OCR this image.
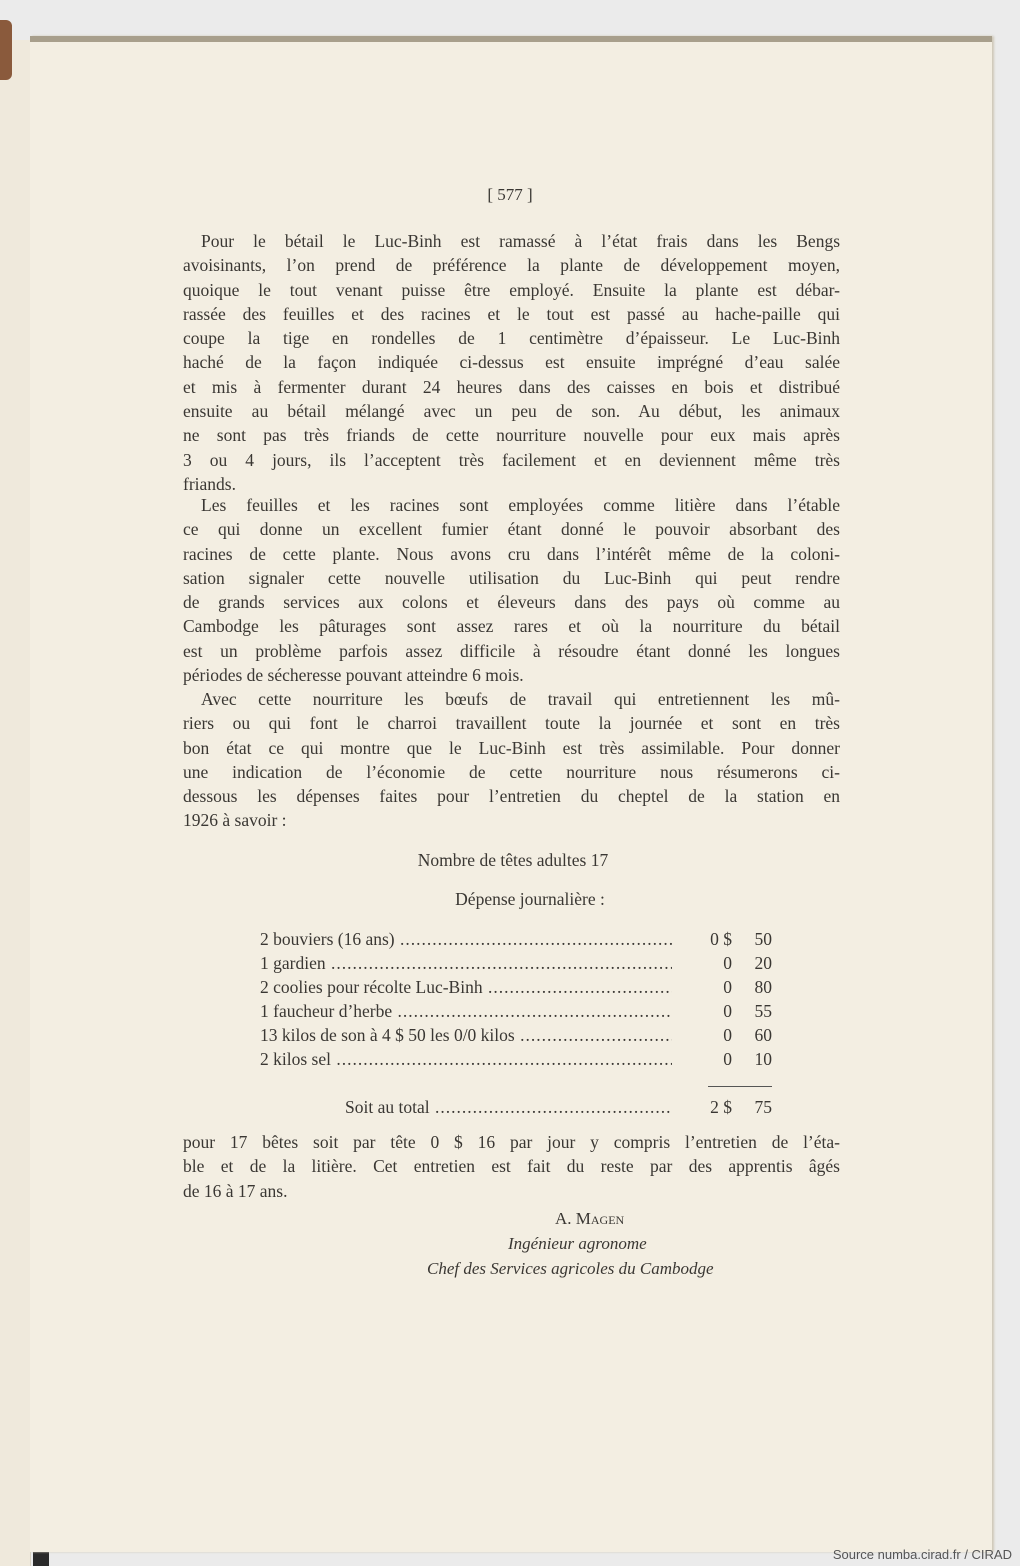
[ 577 ]
Pour le bétail le Luc-Binh est ramassé à l’état frais dans les Bengs
avoisinants, l’on prend de préférence la plante de développement moyen,
quoique le tout venant puisse être employé. Ensuite la plante est débar-
rassée des feuilles et des racines et le tout est passé au hache-paille qui
coupe la tige en rondelles de 1 centimètre d’épaisseur. Le Luc-Binh
haché de la façon indiquée ci-dessus est ensuite imprégné d’eau salée
et mis à fermenter durant 24 heures dans des caisses en bois et distribué
ensuite au bétail mélangé avec un peu de son. Au début, les animaux
ne sont pas très friands de cette nourriture nouvelle pour eux mais après
3 ou 4 jours, ils l’acceptent très facilement et en deviennent même très
friands.
Les feuilles et les racines sont employées comme litière dans l’étable
ce qui donne un excellent fumier étant donné le pouvoir absorbant des
racines de cette plante. Nous avons cru dans l’intérêt même de la coloni-
sation signaler cette nouvelle utilisation du Luc-Binh qui peut rendre
de grands services aux colons et éleveurs dans des pays où comme au
Cambodge les pâturages sont assez rares et où la nourriture du bétail
est un problème parfois assez difficile à résoudre étant donné les longues
périodes de sécheresse pouvant atteindre 6 mois.
Avec cette nourriture les bœufs de travail qui entretiennent les mû-
riers ou qui font le charroi travaillent toute la journée et sont en très
bon état ce qui montre que le Luc-Binh est très assimilable. Pour donner
une indication de l’économie de cette nourriture nous résumerons ci-
dessous les dépenses faites pour l’entretien du cheptel de la station en
1926 à savoir :
Nombre de têtes adultes 17
Dépense journalière :
2 bouviers (16 ans) .....	0 $	50
1 gardien .....	0	20
2 coolies pour récolte Luc-Binh .....	0	80
1 faucheur d’herbe .....	0	55
13 kilos de son à 4 $ 50 les 0/0 kilos .....	0	60
2 kilos sel .....	0	10
Soit au total .....	2 $	75
pour 17 bêtes soit par tête 0 $ 16 par jour y compris l’entretien de l’éta-
ble et de la litière. Cet entretien est fait du reste par des apprentis âgés
de 16 à 17 ans.
A. Magen
Ingénieur agronome
Chef des Services agricoles du Cambodge
Source numba.cirad.fr / CIRAD
